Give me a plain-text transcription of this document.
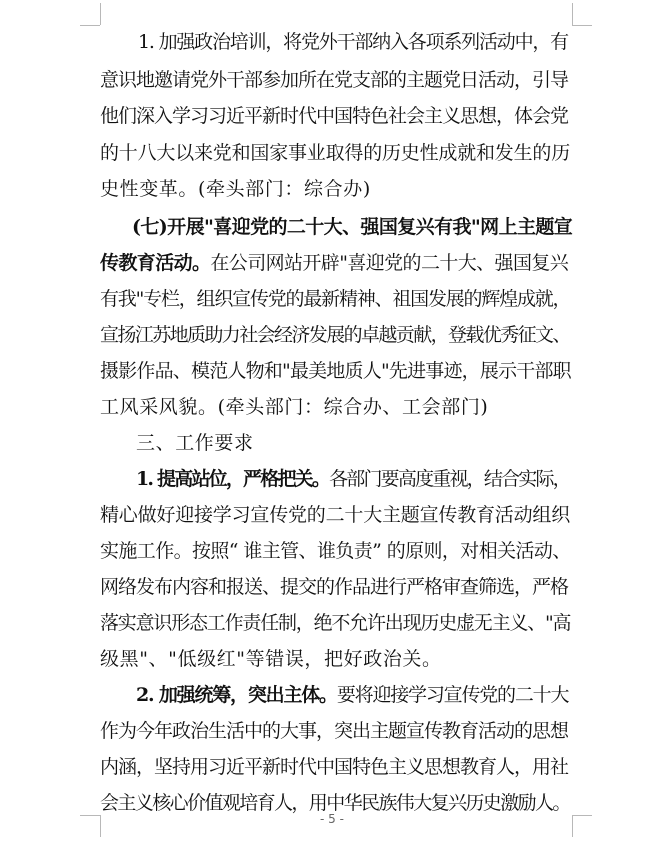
1. 加强政治培训，将党外干部纳入各项系列活动中，有
意识地邀请党外干部参加所在党支部的主题党日活动，引导
他们深入学习习近平新时代中国特色社会主义思想，体会党
的十八大以来党和国家事业取得的历史性成就和发生的历
史性变革。(牵头部门：综合办)
(七)开展"喜迎党的二十大、强国复兴有我"网上主题宣
传教育活动。在公司网站开辟"喜迎党的二十大、强国复兴
有我"专栏，组织宣传党的最新精神、祖国发展的辉煌成就，
宣扬江苏地质助力社会经济发展的卓越贡献，登载优秀征文、
摄影作品、模范人物和"最美地质人"先进事迹，展示干部职
工风采风貌。(牵头部门：综合办、工会部门)
三、工作要求
1. 提高站位，严格把关。各部门要高度重视，结合实际，
精心做好迎接学习宣传党的二十大主题宣传教育活动组织
实施工作。按照“ 谁主管、谁负责” 的原则，对相关活动、
网络发布内容和报送、提交的作品进行严格审查筛选，严格
落实意识形态工作责任制，绝不允许出现历史虚无主义、"高
级黑"、"低级红"等错误，把好政治关。
2. 加强统筹，突出主体。要将迎接学习宣传党的二十大
作为今年政治生活中的大事，突出主题宣传教育活动的思想
内涵，坚持用习近平新时代中国特色主义思想教育人，用社
会主义核心价值观培育人，用中华民族伟大复兴历史激励人。
- 5 -
